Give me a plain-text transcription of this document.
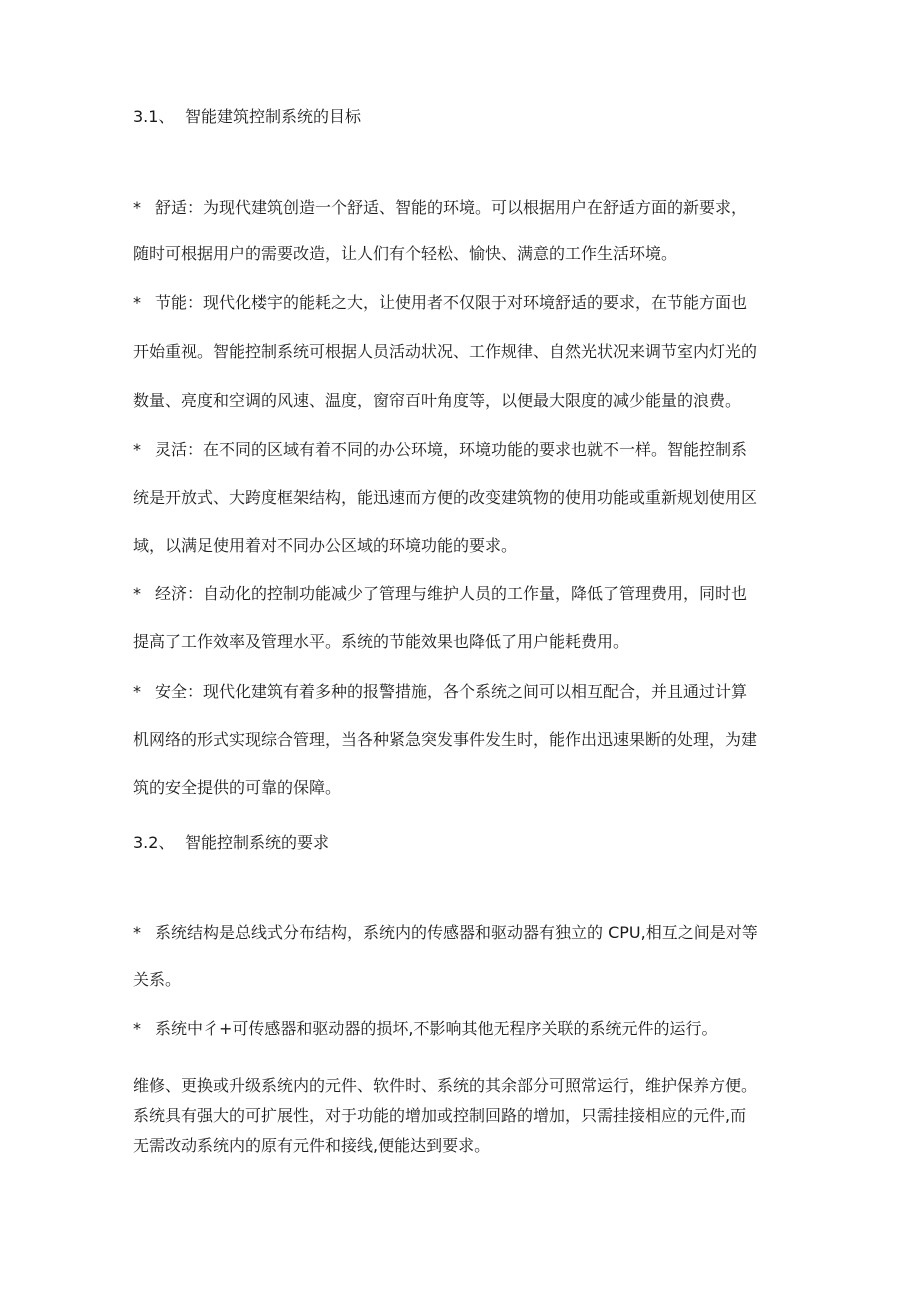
3.1、 智能建筑控制系统的目标
* 舒适：为现代建筑创造一个舒适、智能的环境。可以根据用户在舒适方面的新要求，
随时可根据用户的需要改造，让人们有个轻松、愉快、满意的工作生活环境。
* 节能：现代化楼宇的能耗之大，让使用者不仅限于对环境舒适的要求，在节能方面也
开始重视。智能控制系统可根据人员活动状况、工作规律、自然光状况来调节室内灯光的
数量、亮度和空调的风速、温度，窗帘百叶角度等，以便最大限度的减少能量的浪费。
* 灵活：在不同的区域有着不同的办公环境，环境功能的要求也就不一样。智能控制系
统是开放式、大跨度框架结构，能迅速而方便的改变建筑物的使用功能或重新规划使用区
域，以满足使用着对不同办公区域的环境功能的要求。
* 经济：自动化的控制功能减少了管理与维护人员的工作量，降低了管理费用，同时也
提高了工作效率及管理水平。系统的节能效果也降低了用户能耗费用。
* 安全：现代化建筑有着多种的报警措施，各个系统之间可以相互配合，并且通过计算
机网络的形式实现综合管理，当各种紧急突发事件发生时，能作出迅速果断的处理，为建
筑的安全提供的可靠的保障。
3.2、 智能控制系统的要求
* 系统结构是总线式分布结构，系统内的传感器和驱动器有独立的 CPU,相互之间是对等
关系。
* 系统中彳+可传感器和驱动器的损坏,不影响其他无程序关联的系统元件的运行。
维修、更换或升级系统内的元件、软件时、系统的其余部分可照常运行，维护保养方便。
系统具有强大的可扩展性，对于功能的增加或控制回路的增加，只需挂接相应的元件,而
无需改动系统内的原有元件和接线,便能达到要求。
